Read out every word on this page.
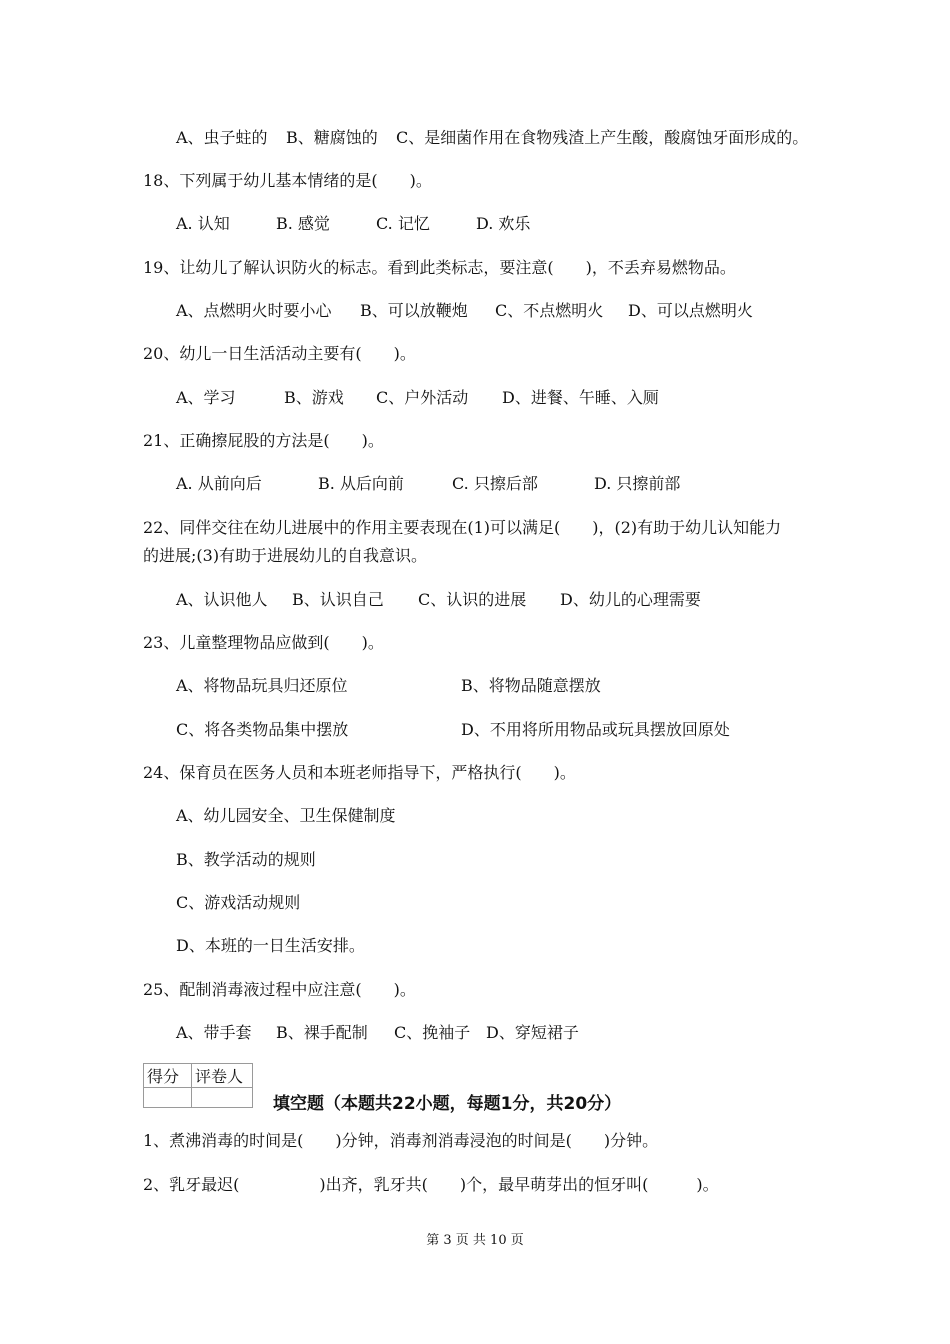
A、虫子蛀的 B、糖腐蚀的 C、是细菌作用在食物残渣上产生酸，酸腐蚀牙面形成的。
18、下列属于幼儿基本情绪的是(　　)。
A. 认知	B. 感觉	C. 记忆	D. 欢乐
19、让幼儿了解认识防火的标志。看到此类标志，要注意(　　)，不丢弃易燃物品。
A、点燃明火时要小心 B、可以放鞭炮 C、不点燃明火 D、可以点燃明火
20、幼儿一日生活活动主要有(　　)。
A、学习	B、游戏 C、户外活动 D、进餐、午睡、入厕
21、正确擦屁股的方法是(　　)。
A. 从前向后	B. 从后向前	C. 只擦后部	D. 只擦前部
22、同伴交往在幼儿进展中的作用主要表现在(1)可以满足(　　)，(2)有助于幼儿认知能力
的进展;(3)有助于进展幼儿的自我意识。
A、认识他人 B、认识自己 C、认识的进展 D、幼儿的心理需要
23、儿童整理物品应做到(　　)。
A、将物品玩具归还原位	B、将物品随意摆放
C、将各类物品集中摆放	D、不用将所用物品或玩具摆放回原处
24、保育员在医务人员和本班老师指导下，严格执行(　　)。
A、幼儿园安全、卫生保健制度
B、教学活动的规则
C、游戏活动规则
D、本班的一日生活安排。
25、配制消毒液过程中应注意(　　)。
A、带手套 B、裸手配制 C、挽袖子 D、穿短裙子
得分	评卷人

填空题（本题共22小题，每题1分，共20分）
1、煮沸消毒的时间是(　　)分钟，消毒剂消毒浸泡的时间是(　　)分钟。
2、乳牙最迟(　　　　　)出齐，乳牙共(　　)个，最早萌芽出的恒牙叫(　　　)。
第 3 页 共 10 页
